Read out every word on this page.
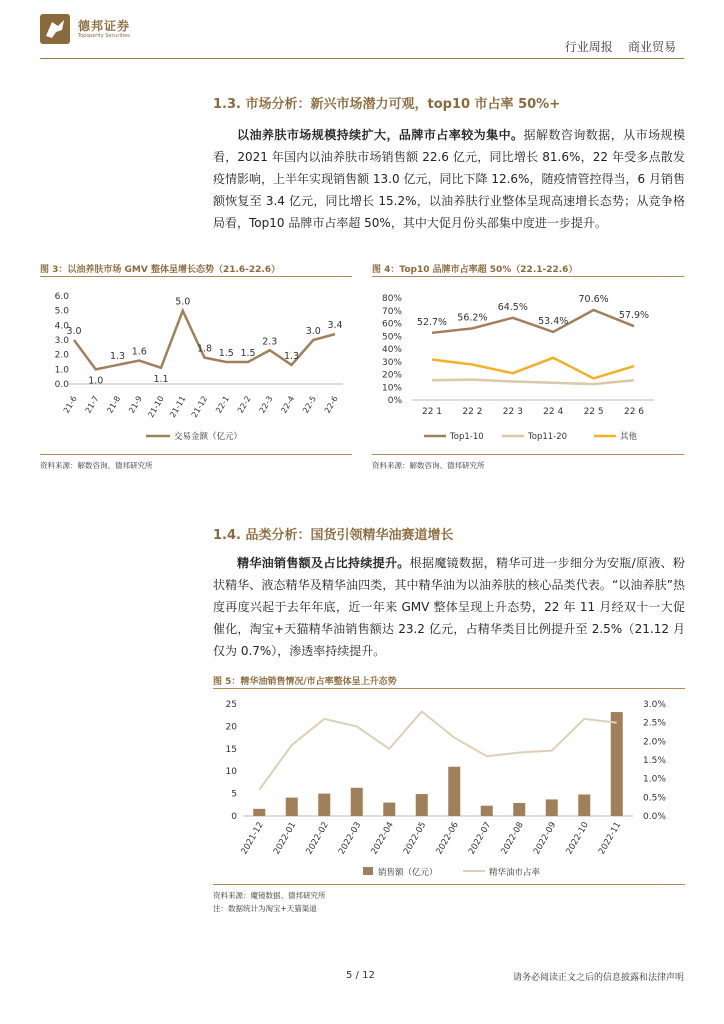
德邦证券
Topsperity Securities
行业周报    商业贸易
1.3. 市场分析：新兴市场潜力可观，top10 市占率 50%+
以油养肤市场规模持续扩大，品牌市占率较为集中。据解数咨询数据，从市场规模看，2021 年国内以油养肤市场销售额 22.6 亿元，同比增长 81.6%，22 年受多点散发疫情影响，上半年实现销售额 13.0 亿元，同比下降 12.6%，随疫情管控得当，6 月销售额恢复至 3.4 亿元，同比增长 15.2%，以油养肤行业整体呈现高速增长态势；从竞争格局看，Top10 品牌市占率超 50%，其中大促月份头部集中度进一步提升。
图 3：以油养肤市场 GMV 整体呈增长态势（21.6-22.6）
0.0
1.0
2.0
3.0
4.0
5.0
6.0
3.0
21-6
1.0
21-7
1.3
21-8
1.6
21-9
1.1
21-10
5.0
21-11
1.8
21-12
1.5
22-1
1.5
22-2
2.3
22-3
1.3
22-4
3.0
22-5
3.4
22-6
交易金额（亿元）
资料来源：解数咨询、德邦研究所
图 4：Top10 品牌市占率超 50%（22.1-22.6）
0%
10%
20%
30%
40%
50%
60%
70%
80%
22 1 22 2 22 3 22 4 22 5 22 6
52.7% 56.2%
64.5%
53.4%
70.6%
57.9%
Top1-10	Top11-20	其他
资料来源：解数咨询、德邦研究所
1.4. 品类分析：国货引领精华油赛道增长
精华油销售额及占比持续提升。根据魔镜数据，精华可进一步细分为安瓶/原液、粉状精华、液态精华及精华油四类，其中精华油为以油养肤的核心品类代表。“以油养肤”热度再度兴起于去年年底，近一年来 GMV 整体呈现上升态势，22 年 11 月经双十一大促催化，淘宝+天猫精华油销售额达 23.2 亿元，占精华类目比例提升至 2.5%（21.12 月仅为 0.7%），渗透率持续提升。
图 5：精华油销售情况/市占率整体呈上升态势
0
5
10
15
20
25
0.0%
0.5%
1.0%
1.5%
2.0%
2.5%
3.0%
2021-12 2022-01 2022-02 2022-03 2022-04 2022-05 2022-06 2022-07 2022-08 2022-09 2022-10 2022-11
销售额（亿元）	精华油市占率
资料来源：魔镜数据、德邦研究所
注：数据统计为淘宝+天猫渠道
5 / 12	请务必阅读正文之后的信息披露和法律声明
